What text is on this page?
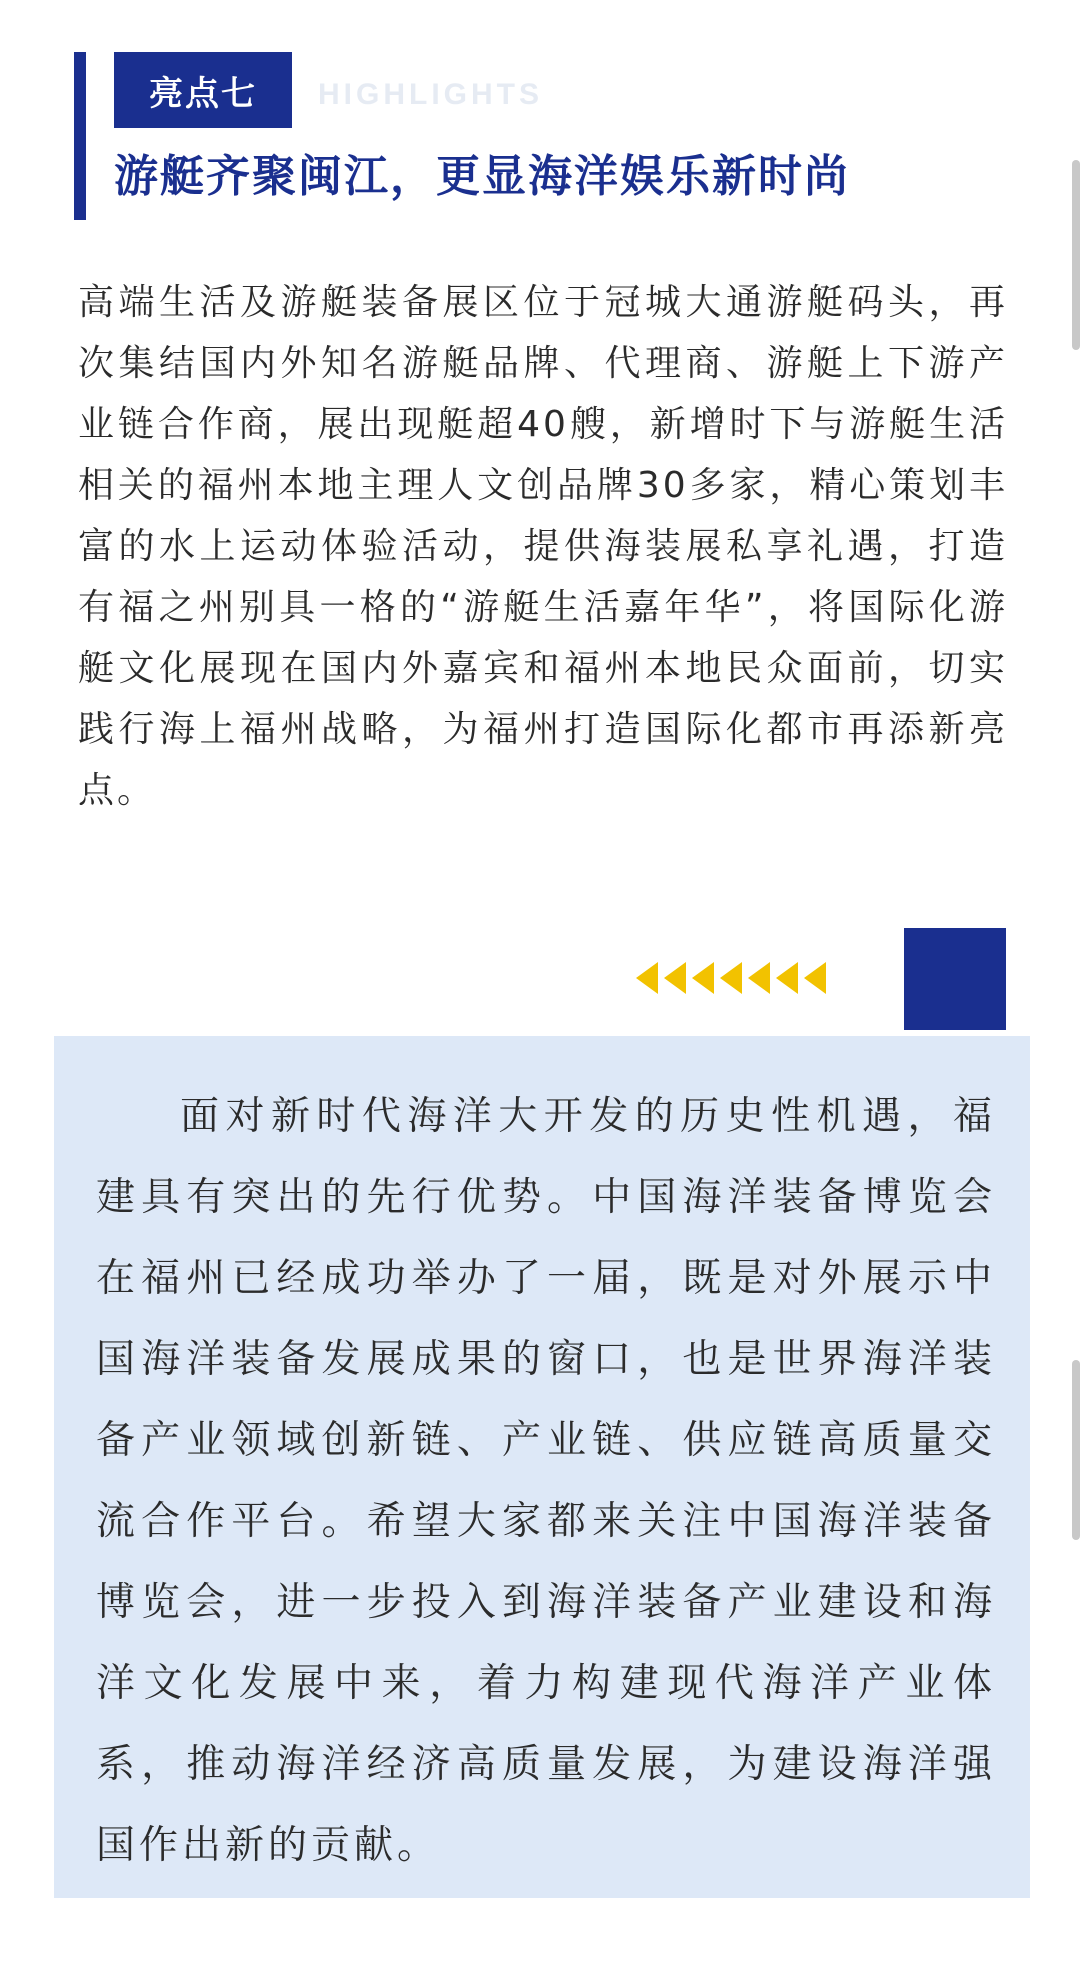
亮点七	HIGHLIGHTS
游艇齐聚闽江，更显海洋娱乐新时尚

高端生活及游艇装备展区位于冠城大通游艇码头，再次集结国内外知名游艇品牌、代理商、游艇上下游产业链合作商，展出现艇超40艘，新增时下与游艇生活相关的福州本地主理人文创品牌30多家，精心策划丰富的水上运动体验活动，提供海装展私享礼遇，打造有福之州别具一格的“游艇生活嘉年华”，将国际化游艇文化展现在国内外嘉宾和福州本地民众面前，切实践行海上福州战略，为福州打造国际化都市再添新亮点。

面对新时代海洋大开发的历史性机遇，福建具有突出的先行优势。中国海洋装备博览会在福州已经成功举办了一届，既是对外展示中国海洋装备发展成果的窗口，也是世界海洋装备产业领域创新链、产业链、供应链高质量交流合作平台。希望大家都来关注中国海洋装备博览会，进一步投入到海洋装备产业建设和海洋文化发展中来，着力构建现代海洋产业体系，推动海洋经济高质量发展，为建设海洋强国作出新的贡献。
